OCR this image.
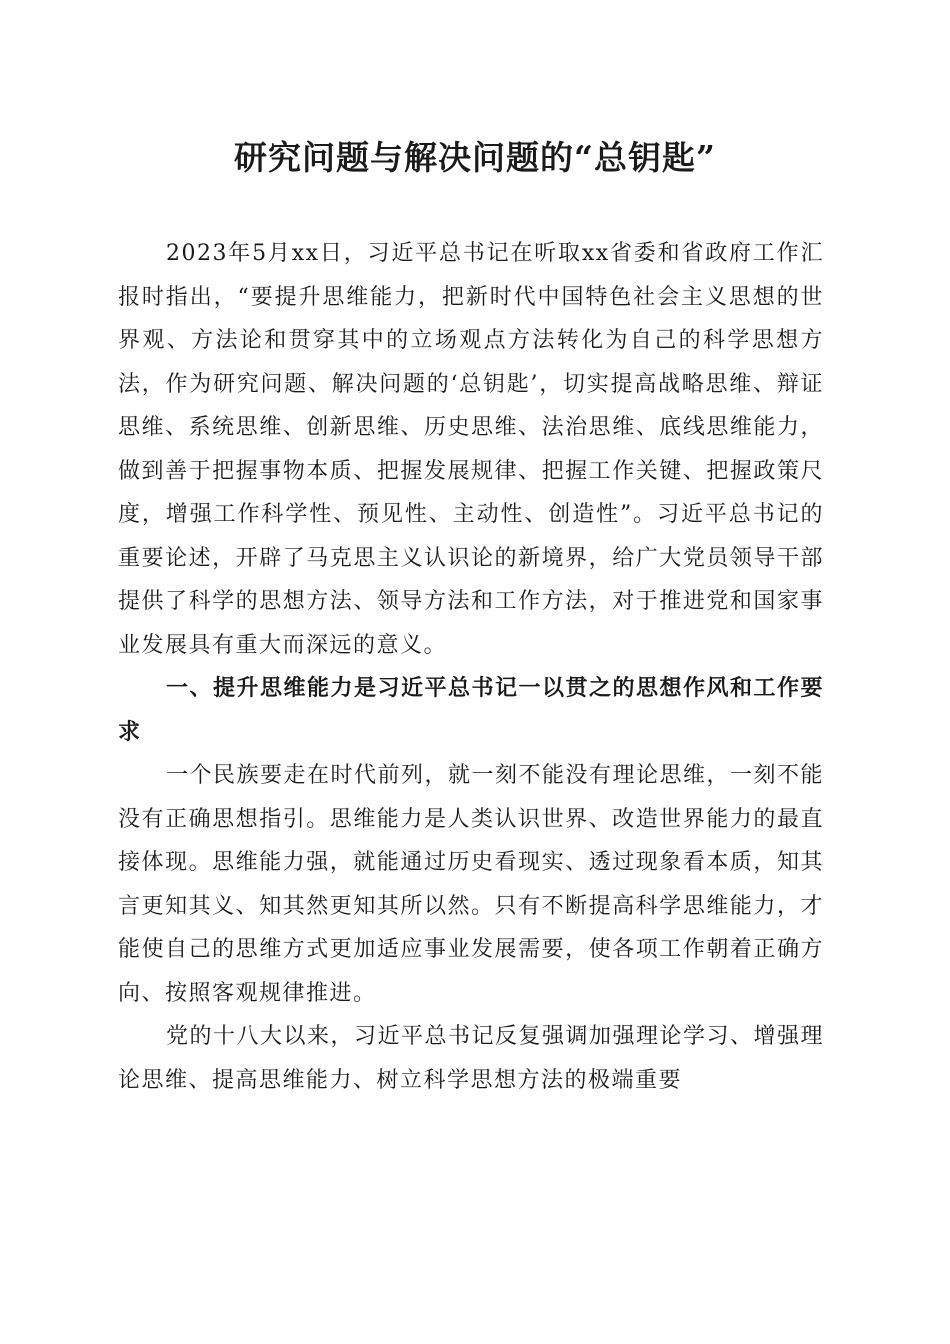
研究问题与解决问题的“总钥匙”

2023年5月xx日，习近平总书记在听取xx省委和省政府工作汇报时指出，“要提升思维能力，把新时代中国特色社会主义思想的世界观、方法论和贯穿其中的立场观点方法转化为自己的科学思想方法，作为研究问题、解决问题的‘总钥匙’，切实提高战略思维、辩证思维、系统思维、创新思维、历史思维、法治思维、底线思维能力，做到善于把握事物本质、把握发展规律、把握工作关键、把握政策尺度，增强工作科学性、预见性、主动性、创造性”。习近平总书记的重要论述，开辟了马克思主义认识论的新境界，给广大党员领导干部提供了科学的思想方法、领导方法和工作方法，对于推进党和国家事业发展具有重大而深远的意义。

一、提升思维能力是习近平总书记一以贯之的思想作风和工作要求

一个民族要走在时代前列，就一刻不能没有理论思维，一刻不能没有正确思想指引。思维能力是人类认识世界、改造世界能力的最直接体现。思维能力强，就能通过历史看现实、透过现象看本质，知其言更知其义、知其然更知其所以然。只有不断提高科学思维能力，才能使自己的思维方式更加适应事业发展需要，使各项工作朝着正确方向、按照客观规律推进。

党的十八大以来，习近平总书记反复强调加强理论学习、增强理论思维、提高思维能力、树立科学思想方法的极端重要
